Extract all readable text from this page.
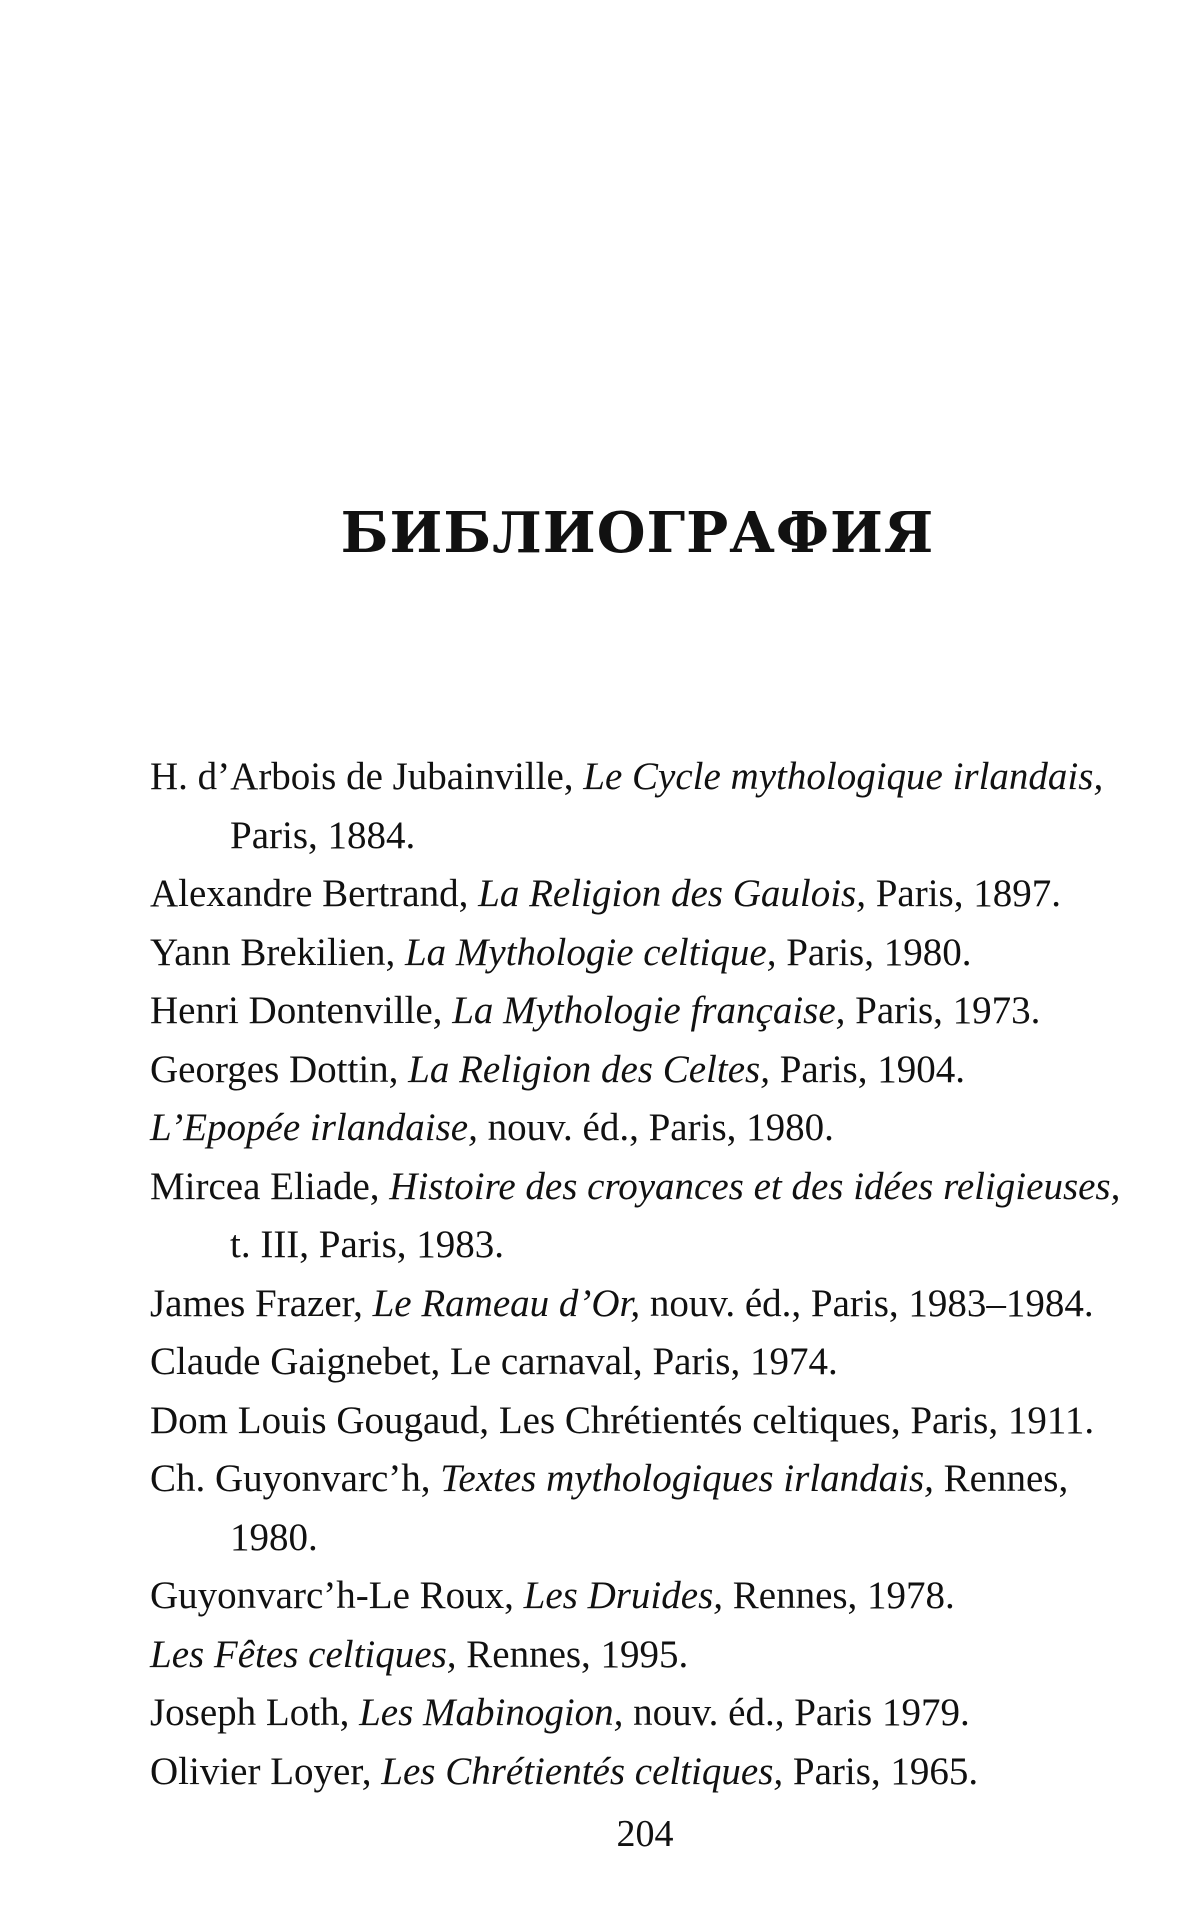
БИБЛИОГРАФИЯ
H. d’Arbois de Jubainville, Le Cycle mythologique irlandais, Paris, 1884.
Alexandre Bertrand, La Religion des Gaulois, Paris, 1897.
Yann Brekilien, La Mythologie celtique, Paris, 1980.
Henri Dontenville, La Mythologie française, Paris, 1973.
Georges Dottin, La Religion des Celtes, Paris, 1904.
L’Epopée irlandaise, nouv. éd., Paris, 1980.
Mircea Eliade, Histoire des croyances et des idées religieuses, t. III, Paris, 1983.
James Frazer, Le Rameau d’Or, nouv. éd., Paris, 1983–1984.
Claude Gaignebet, Le carnaval, Paris, 1974.
Dom Louis Gougaud, Les Chrétientés celtiques, Paris, 1911.
Ch. Guyonvarc’h, Textes mythologiques irlandais, Rennes, 1980.
Guyonvarc’h-Le Roux, Les Druides, Rennes, 1978.
Les Fêtes celtiques, Rennes, 1995.
Joseph Loth, Les Mabinogion, nouv. éd., Paris 1979.
Olivier Loyer, Les Chrétientés celtiques, Paris, 1965.
204
